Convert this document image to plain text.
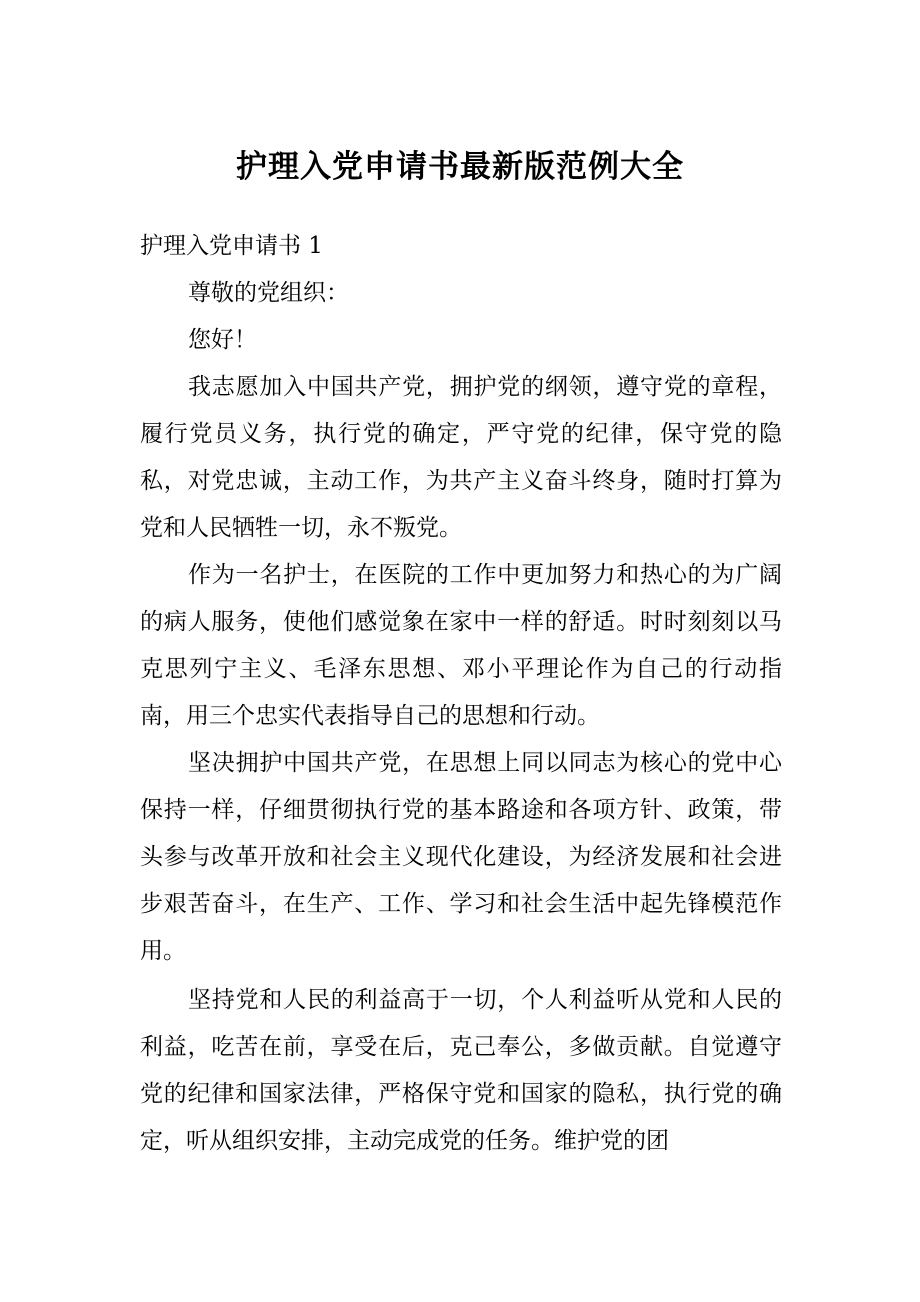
护理入党申请书最新版范例大全

护理入党申请书 1

尊敬的党组织：

您好！

我志愿加入中国共产党，拥护党的纲领，遵守党的章程，履行党员义务，执行党的确定，严守党的纪律，保守党的隐私，对党忠诚，主动工作，为共产主义奋斗终身，随时打算为党和人民牺牲一切，永不叛党。

作为一名护士，在医院的工作中更加努力和热心的为广阔的病人服务，使他们感觉象在家中一样的舒适。时时刻刻以马克思列宁主义、毛泽东思想、邓小平理论作为自己的行动指南，用三个忠实代表指导自己的思想和行动。

坚决拥护中国共产党，在思想上同以同志为核心的党中心保持一样，仔细贯彻执行党的基本路途和各项方针、政策，带头参与改革开放和社会主义现代化建设，为经济发展和社会进步艰苦奋斗，在生产、工作、学习和社会生活中起先锋模范作用。

坚持党和人民的利益高于一切，个人利益听从党和人民的利益，吃苦在前，享受在后，克己奉公，多做贡献。自觉遵守党的纪律和国家法律，严格保守党和国家的隐私，执行党的确定，听从组织安排，主动完成党的任务。维护党的团
